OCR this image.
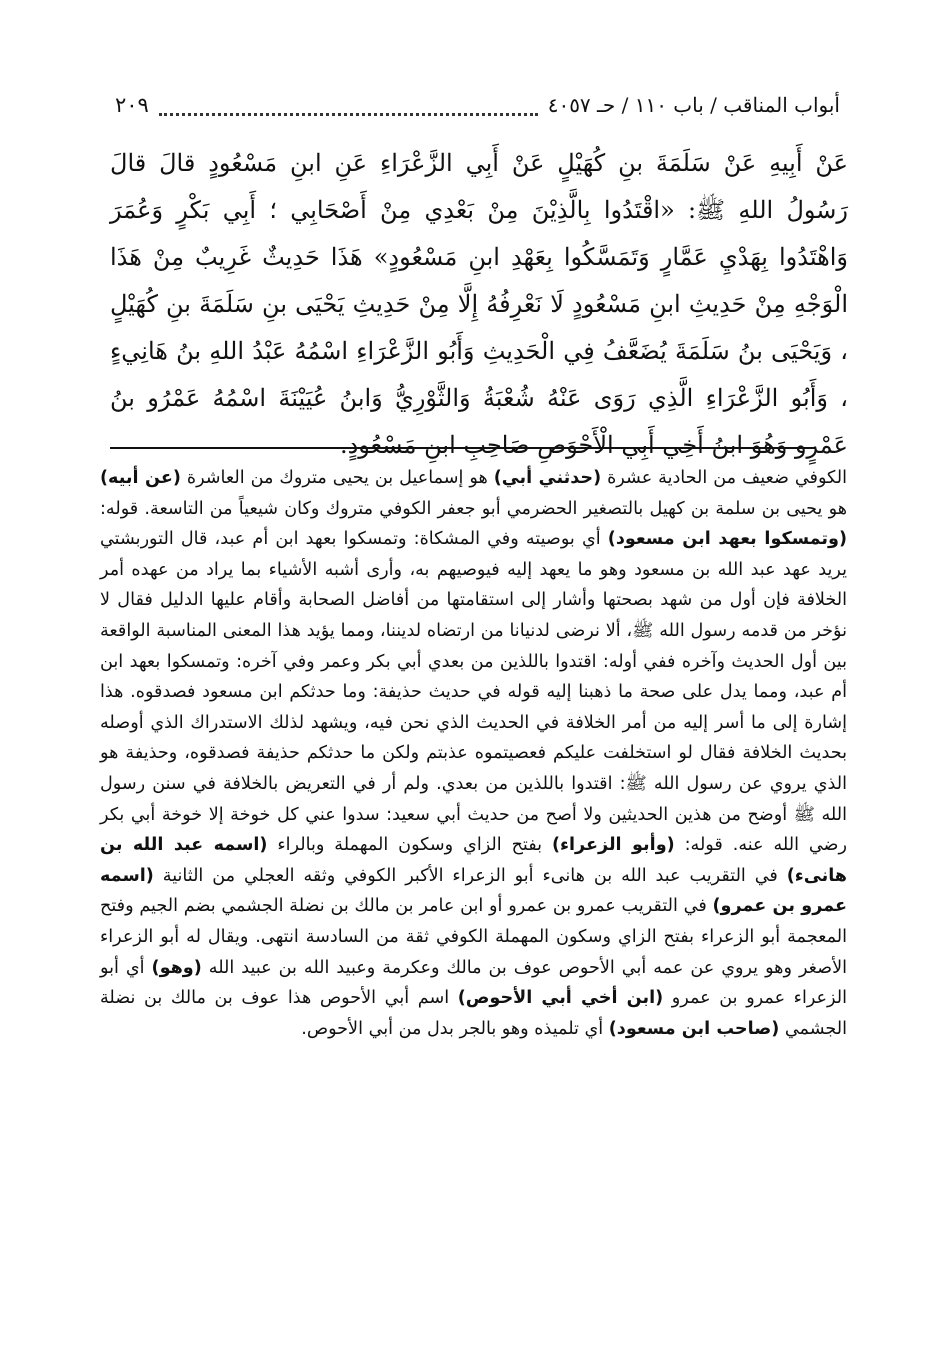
أبواب المناقب / باب ١١٠ / حـ ٤٠٥٧
٢٠٩
عَنْ أَبِيهِ عَنْ سَلَمَةَ بنِ كُهَيْلٍ عَنْ أَبِي الزَّعْرَاءِ عَنِ ابنِ مَسْعُودٍ قالَ قالَ رَسُولُ اللهِ ﷺ: «اقْتَدُوا بِالَّذِيْنَ مِنْ بَعْدِي مِنْ أَصْحَابِي ؛ أَبِي بَكْرٍ وَعُمَرَ وَاهْتَدُوا بِهَدْيِ عَمَّارٍ وَتَمَسَّكُوا بِعَهْدِ ابنِ مَسْعُودٍ» هَذَا حَدِيثٌ غَرِيبٌ مِنْ هَذَا الْوَجْهِ مِنْ حَدِيثِ ابنِ مَسْعُودٍ لَا نَعْرِفُهُ إِلَّا مِنْ حَدِيثِ يَحْيَى بنِ سَلَمَةَ بنِ كُهَيْلٍ ، وَيَحْيَى بنُ سَلَمَةَ يُضَعَّفُ فِي الْحَدِيثِ وَأَبُو الزَّعْرَاءِ اسْمُهُ عَبْدُ اللهِ بنُ هَانِيءٍ ، وَأَبُو الزَّعْرَاءِ الَّذِي رَوَى عَنْهُ شُعْبَةُ وَالثَّوْرِيُّ وَابنُ عُيَيْنَةَ اسْمُهُ عَمْرُو بنُ عَمْرٍو وَهُوَ ابنُ أَخِي أَبِي الْأَحْوَصِ صَاحِبِ ابنِ مَسْعُودٍ.
الكوفي ضعيف من الحادية عشرة (حدثني أبي) هو إسماعيل بن يحيى متروك من العاشرة (عن أبيه) هو يحيى بن سلمة بن كهيل بالتصغير الحضرمي أبو جعفر الكوفي متروك وكان شيعياً من التاسعة. قوله: (وتمسكوا بعهد ابن مسعود) أي بوصيته وفي المشكاة: وتمسكوا بعهد ابن أم عبد، قال التوربشتي يريد عهد عبد الله بن مسعود وهو ما يعهد إليه فيوصيهم به، وأرى أشبه الأشياء بما يراد من عهده أمر الخلافة فإن أول من شهد بصحتها وأشار إلى استقامتها من أفاضل الصحابة وأقام عليها الدليل فقال لا نؤخر من قدمه رسول الله ﷺ، ألا نرضى لدنيانا من ارتضاه لديننا، ومما يؤيد هذا المعنى المناسبة الواقعة بين أول الحديث وآخره ففي أوله: اقتدوا باللذين من بعدي أبي بكر وعمر وفي آخره: وتمسكوا بعهد ابن أم عبد، ومما يدل على صحة ما ذهبنا إليه قوله في حديث حذيفة: وما حدثكم ابن مسعود فصدقوه. هذا إشارة إلى ما أسر إليه من أمر الخلافة في الحديث الذي نحن فيه، ويشهد لذلك الاستدراك الذي أوصله بحديث الخلافة فقال لو استخلفت عليكم فعصيتموه عذبتم ولكن ما حدثكم حذيفة فصدقوه، وحذيفة هو الذي يروي عن رسول الله ﷺ: اقتدوا باللذين من بعدي. ولم أر في التعريض بالخلافة في سنن رسول الله ﷺ أوضح من هذين الحديثين ولا أصح من حديث أبي سعيد: سدوا عني كل خوخة إلا خوخة أبي بكر رضي الله عنه. قوله: (وأبو الزعراء) بفتح الزاي وسكون المهملة وبالراء (اسمه عبد الله بن هانىء) في التقريب عبد الله بن هانىء أبو الزعراء الأكبر الكوفي وثقه العجلي من الثانية (اسمه عمرو بن عمرو) في التقريب عمرو بن عمرو أو ابن عامر بن مالك بن نضلة الجشمي بضم الجيم وفتح المعجمة أبو الزعراء بفتح الزاي وسكون المهملة الكوفي ثقة من السادسة انتهى. ويقال له أبو الزعراء الأصغر وهو يروي عن عمه أبي الأحوص عوف بن مالك وعكرمة وعبيد الله بن عبيد الله (وهو) أي أبو الزعراء عمرو بن عمرو (ابن أخي أبي الأحوص) اسم أبي الأحوص هذا عوف بن مالك بن نضلة الجشمي (صاحب ابن مسعود) أي تلميذه وهو بالجر بدل من أبي الأحوص.
